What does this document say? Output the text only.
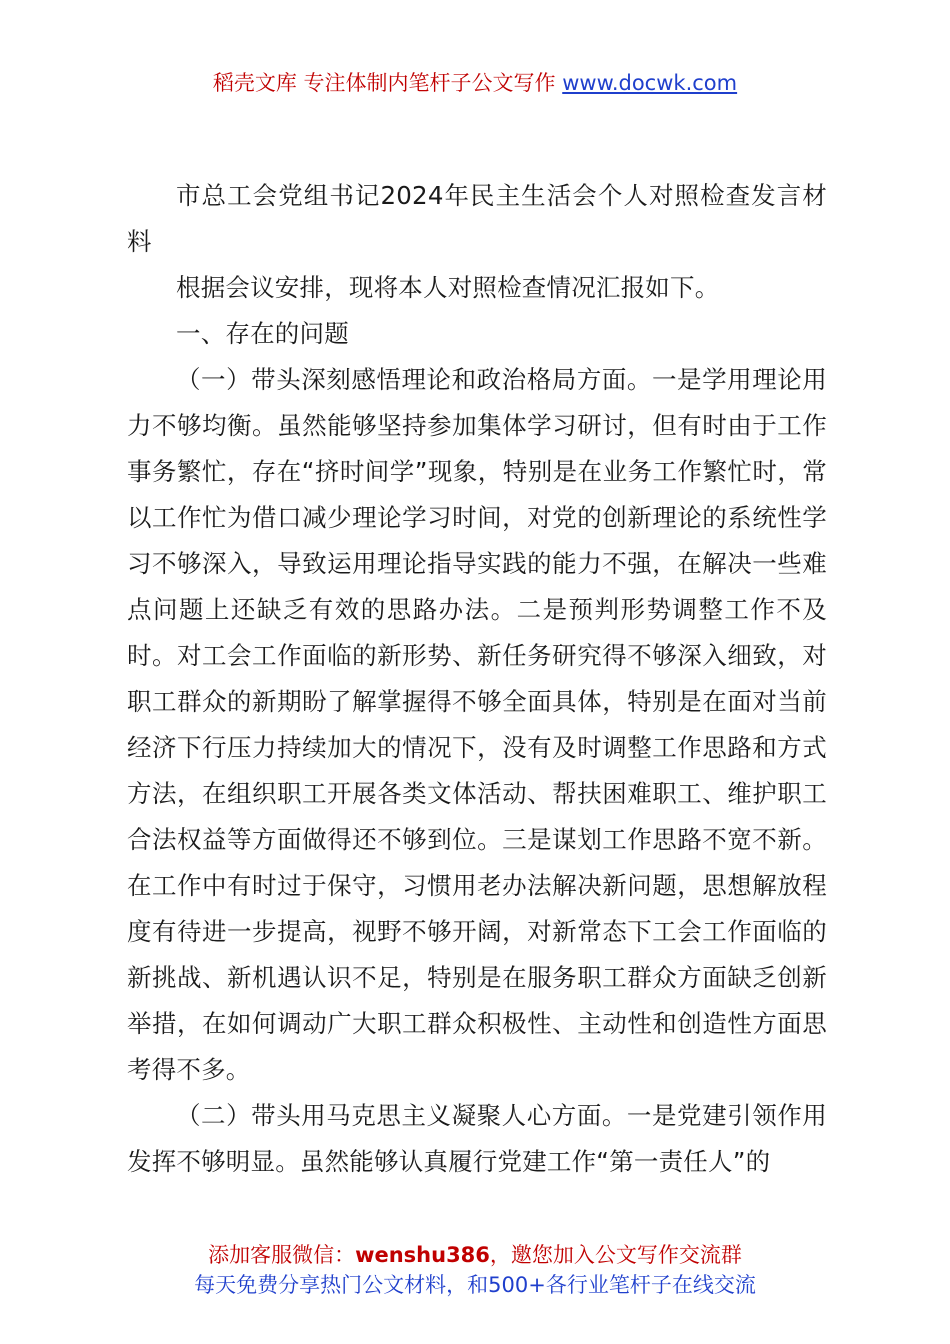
稻壳文库 专注体制内笔杆子公文写作 www.docwk.com

市总工会党组书记2024年民主生活会个人对照检查发言材料

根据会议安排，现将本人对照检查情况汇报如下。

一、存在的问题

（一）带头深刻感悟理论和政治格局方面。一是学用理论用力不够均衡。虽然能够坚持参加集体学习研讨，但有时由于工作事务繁忙，存在“挤时间学”现象，特别是在业务工作繁忙时，常以工作忙为借口减少理论学习时间，对党的创新理论的系统性学习不够深入，导致运用理论指导实践的能力不强，在解决一些难点问题上还缺乏有效的思路办法。二是预判形势调整工作不及时。对工会工作面临的新形势、新任务研究得不够深入细致，对职工群众的新期盼了解掌握得不够全面具体，特别是在面对当前经济下行压力持续加大的情况下，没有及时调整工作思路和方式方法，在组织职工开展各类文体活动、帮扶困难职工、维护职工合法权益等方面做得还不够到位。三是谋划工作思路不宽不新。在工作中有时过于保守，习惯用老办法解决新问题，思想解放程度有待进一步提高，视野不够开阔，对新常态下工会工作面临的新挑战、新机遇认识不足，特别是在服务职工群众方面缺乏创新举措，在如何调动广大职工群众积极性、主动性和创造性方面思考得不多。

（二）带头用马克思主义凝聚人心方面。一是党建引领作用发挥不够明显。虽然能够认真履行党建工作“第一责任人”的

添加客服微信：wenshu386，邀您加入公文写作交流群
每天免费分享热门公文材料，和500+各行业笔杆子在线交流
